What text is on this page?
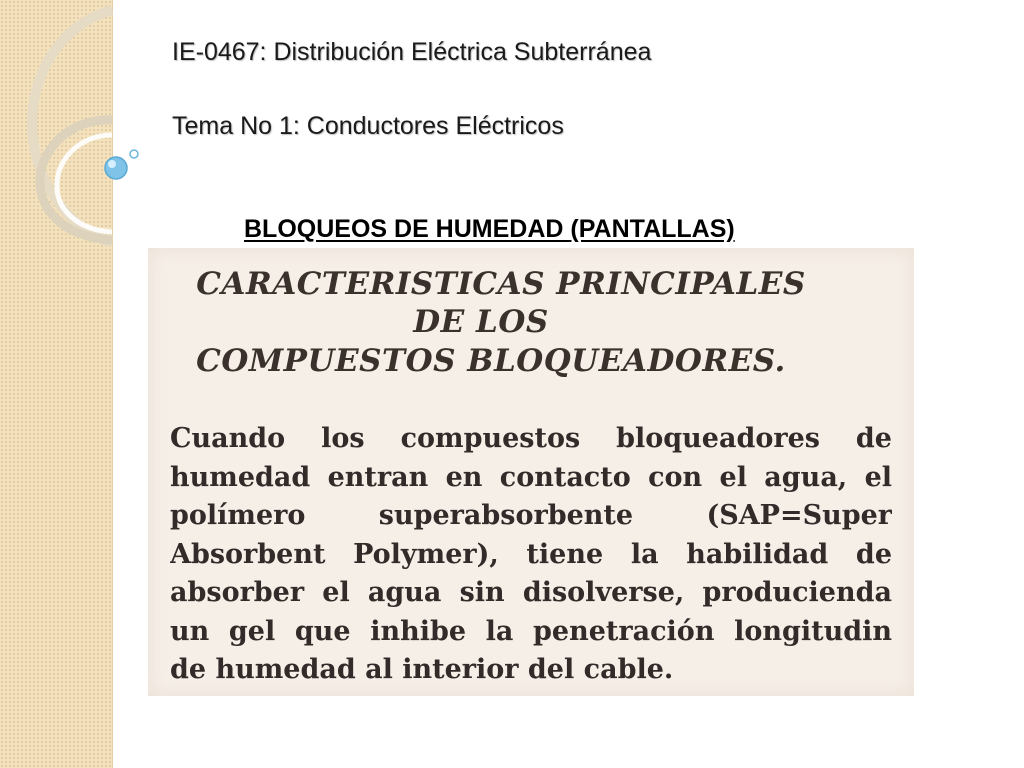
IE-0467: Distribución Eléctrica Subterránea
Tema No 1: Conductores Eléctricos
BLOQUEOS DE HUMEDAD (PANTALLAS)
CARACTERISTICAS PRINCIPALES
DE LOS
COMPUESTOS BLOQUEADORES.
Cuando los compuestos bloqueadores de
humedad entran en contacto con el agua, el
polímero superabsorbente (SAP=Super
Absorbent Polymer), tiene la habilidad de
absorber el agua sin disolverse, producienda
un gel que inhibe la penetración longitudin
de humedad al interior del cable.
